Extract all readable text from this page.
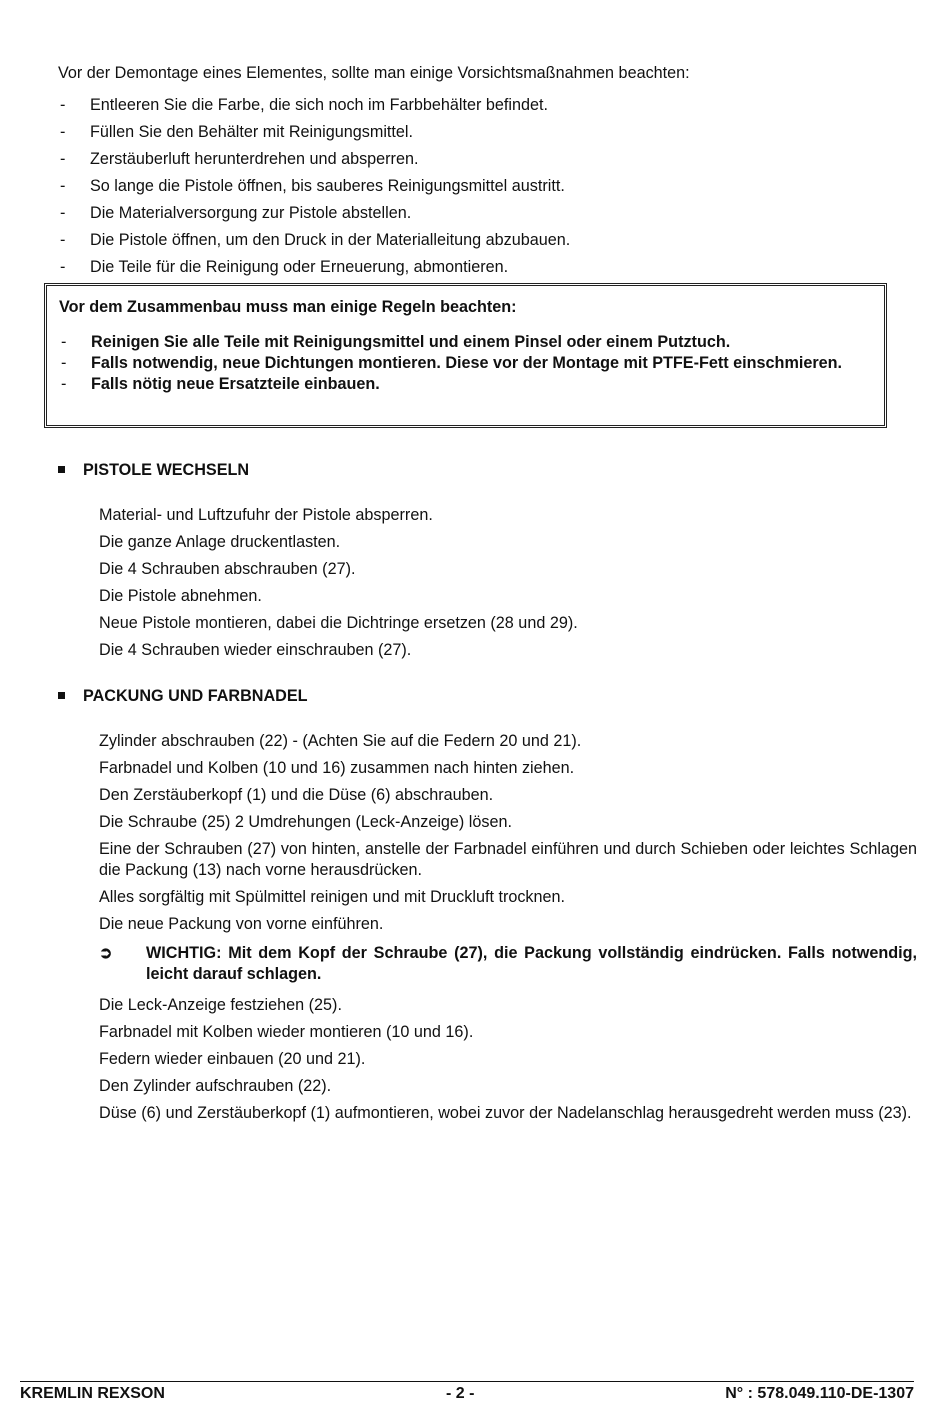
Vor der Demontage eines Elementes, sollte man einige Vorsichtsmaßnahmen beachten:
- Entleeren Sie die Farbe, die sich noch im Farbbehälter befindet.
- Füllen Sie den Behälter mit Reinigungsmittel.
- Zerstäuberluft herunterdrehen und absperren.
- So lange die Pistole öffnen, bis sauberes Reinigungsmittel austritt.
- Die Materialversorgung zur Pistole abstellen.
- Die Pistole öffnen, um den Druck in der Materialleitung abzubauen.
- Die Teile für die Reinigung oder Erneuerung, abmontieren.
Vor dem Zusammenbau muss man einige Regeln beachten:
- Reinigen Sie alle Teile mit Reinigungsmittel und einem Pinsel oder einem Putztuch.
- Falls notwendig, neue Dichtungen montieren. Diese vor der Montage mit PTFE-Fett einschmieren.
- Falls nötig neue Ersatzteile einbauen.
PISTOLE WECHSELN

Material- und Luftzufuhr der Pistole absperren.

Die ganze Anlage druckentlasten.

Die 4 Schrauben abschrauben (27).

Die Pistole abnehmen.

Neue Pistole montieren, dabei die Dichtringe ersetzen (28 und 29).

Die 4 Schrauben wieder einschrauben (27).

PACKUNG UND FARBNADEL

Zylinder abschrauben (22) - (Achten Sie auf die Federn 20 und 21).

Farbnadel und Kolben (10 und 16) zusammen nach hinten ziehen.

Den Zerstäuberkopf (1) und die Düse (6) abschrauben.

Die Schraube (25) 2 Umdrehungen (Leck-Anzeige) lösen.

Eine der Schrauben (27) von hinten, anstelle der Farbnadel einführen und durch Schieben oder leichtes Schlagen die Packung (13) nach vorne herausdrücken.

Alles sorgfältig mit Spülmittel reinigen und mit Druckluft trocknen.

Die neue Packung von vorne einführen.

➲ WICHTIG: Mit dem Kopf der Schraube (27), die Packung vollständig eindrücken. Falls notwendig, leicht darauf schlagen.

Die Leck-Anzeige festziehen (25).

Farbnadel mit Kolben wieder montieren (10 und 16).

Federn wieder einbauen (20 und 21).

Den Zylinder aufschrauben (22).

Düse (6) und Zerstäuberkopf (1) aufmontieren, wobei zuvor der Nadelanschlag herausgedreht werden muss (23).

KREMLIN REXSON	- 2 -	N° : 578.049.110-DE-1307
